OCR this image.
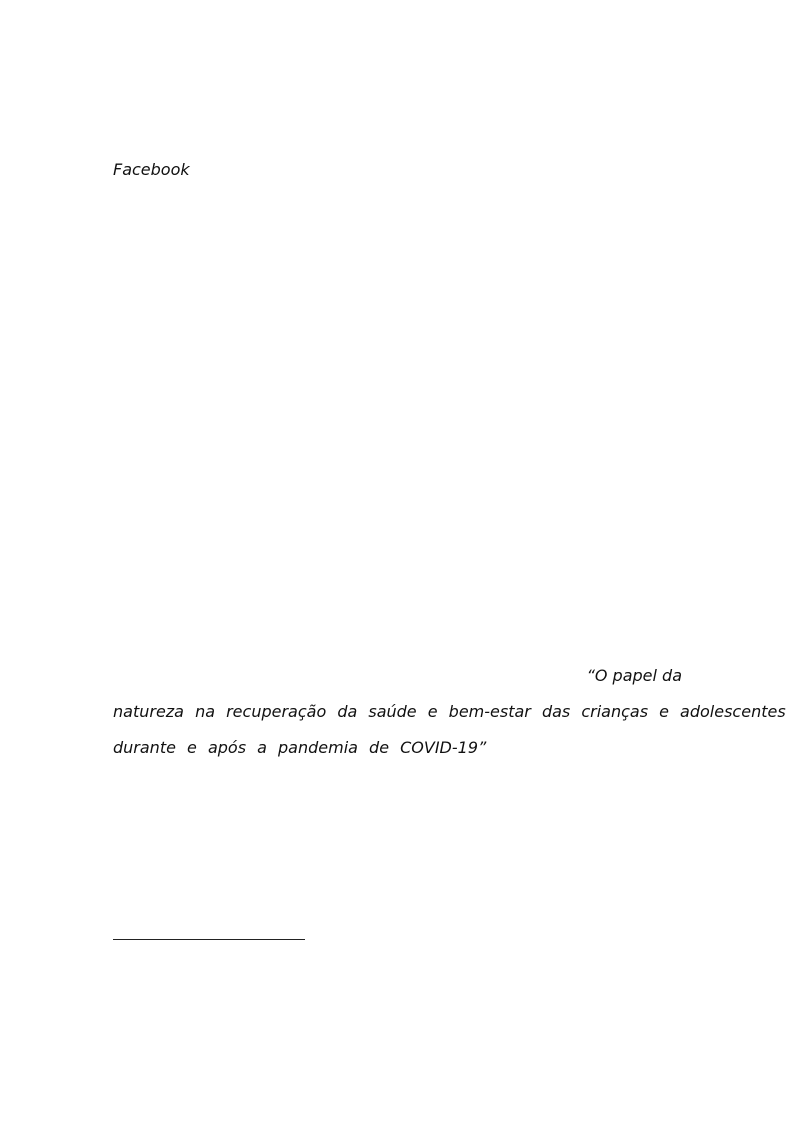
Facebook

“O papel da
natureza na recuperação da saúde e bem-estar das crianças e adolescentes
durante e após a pandemia de COVID-19”
